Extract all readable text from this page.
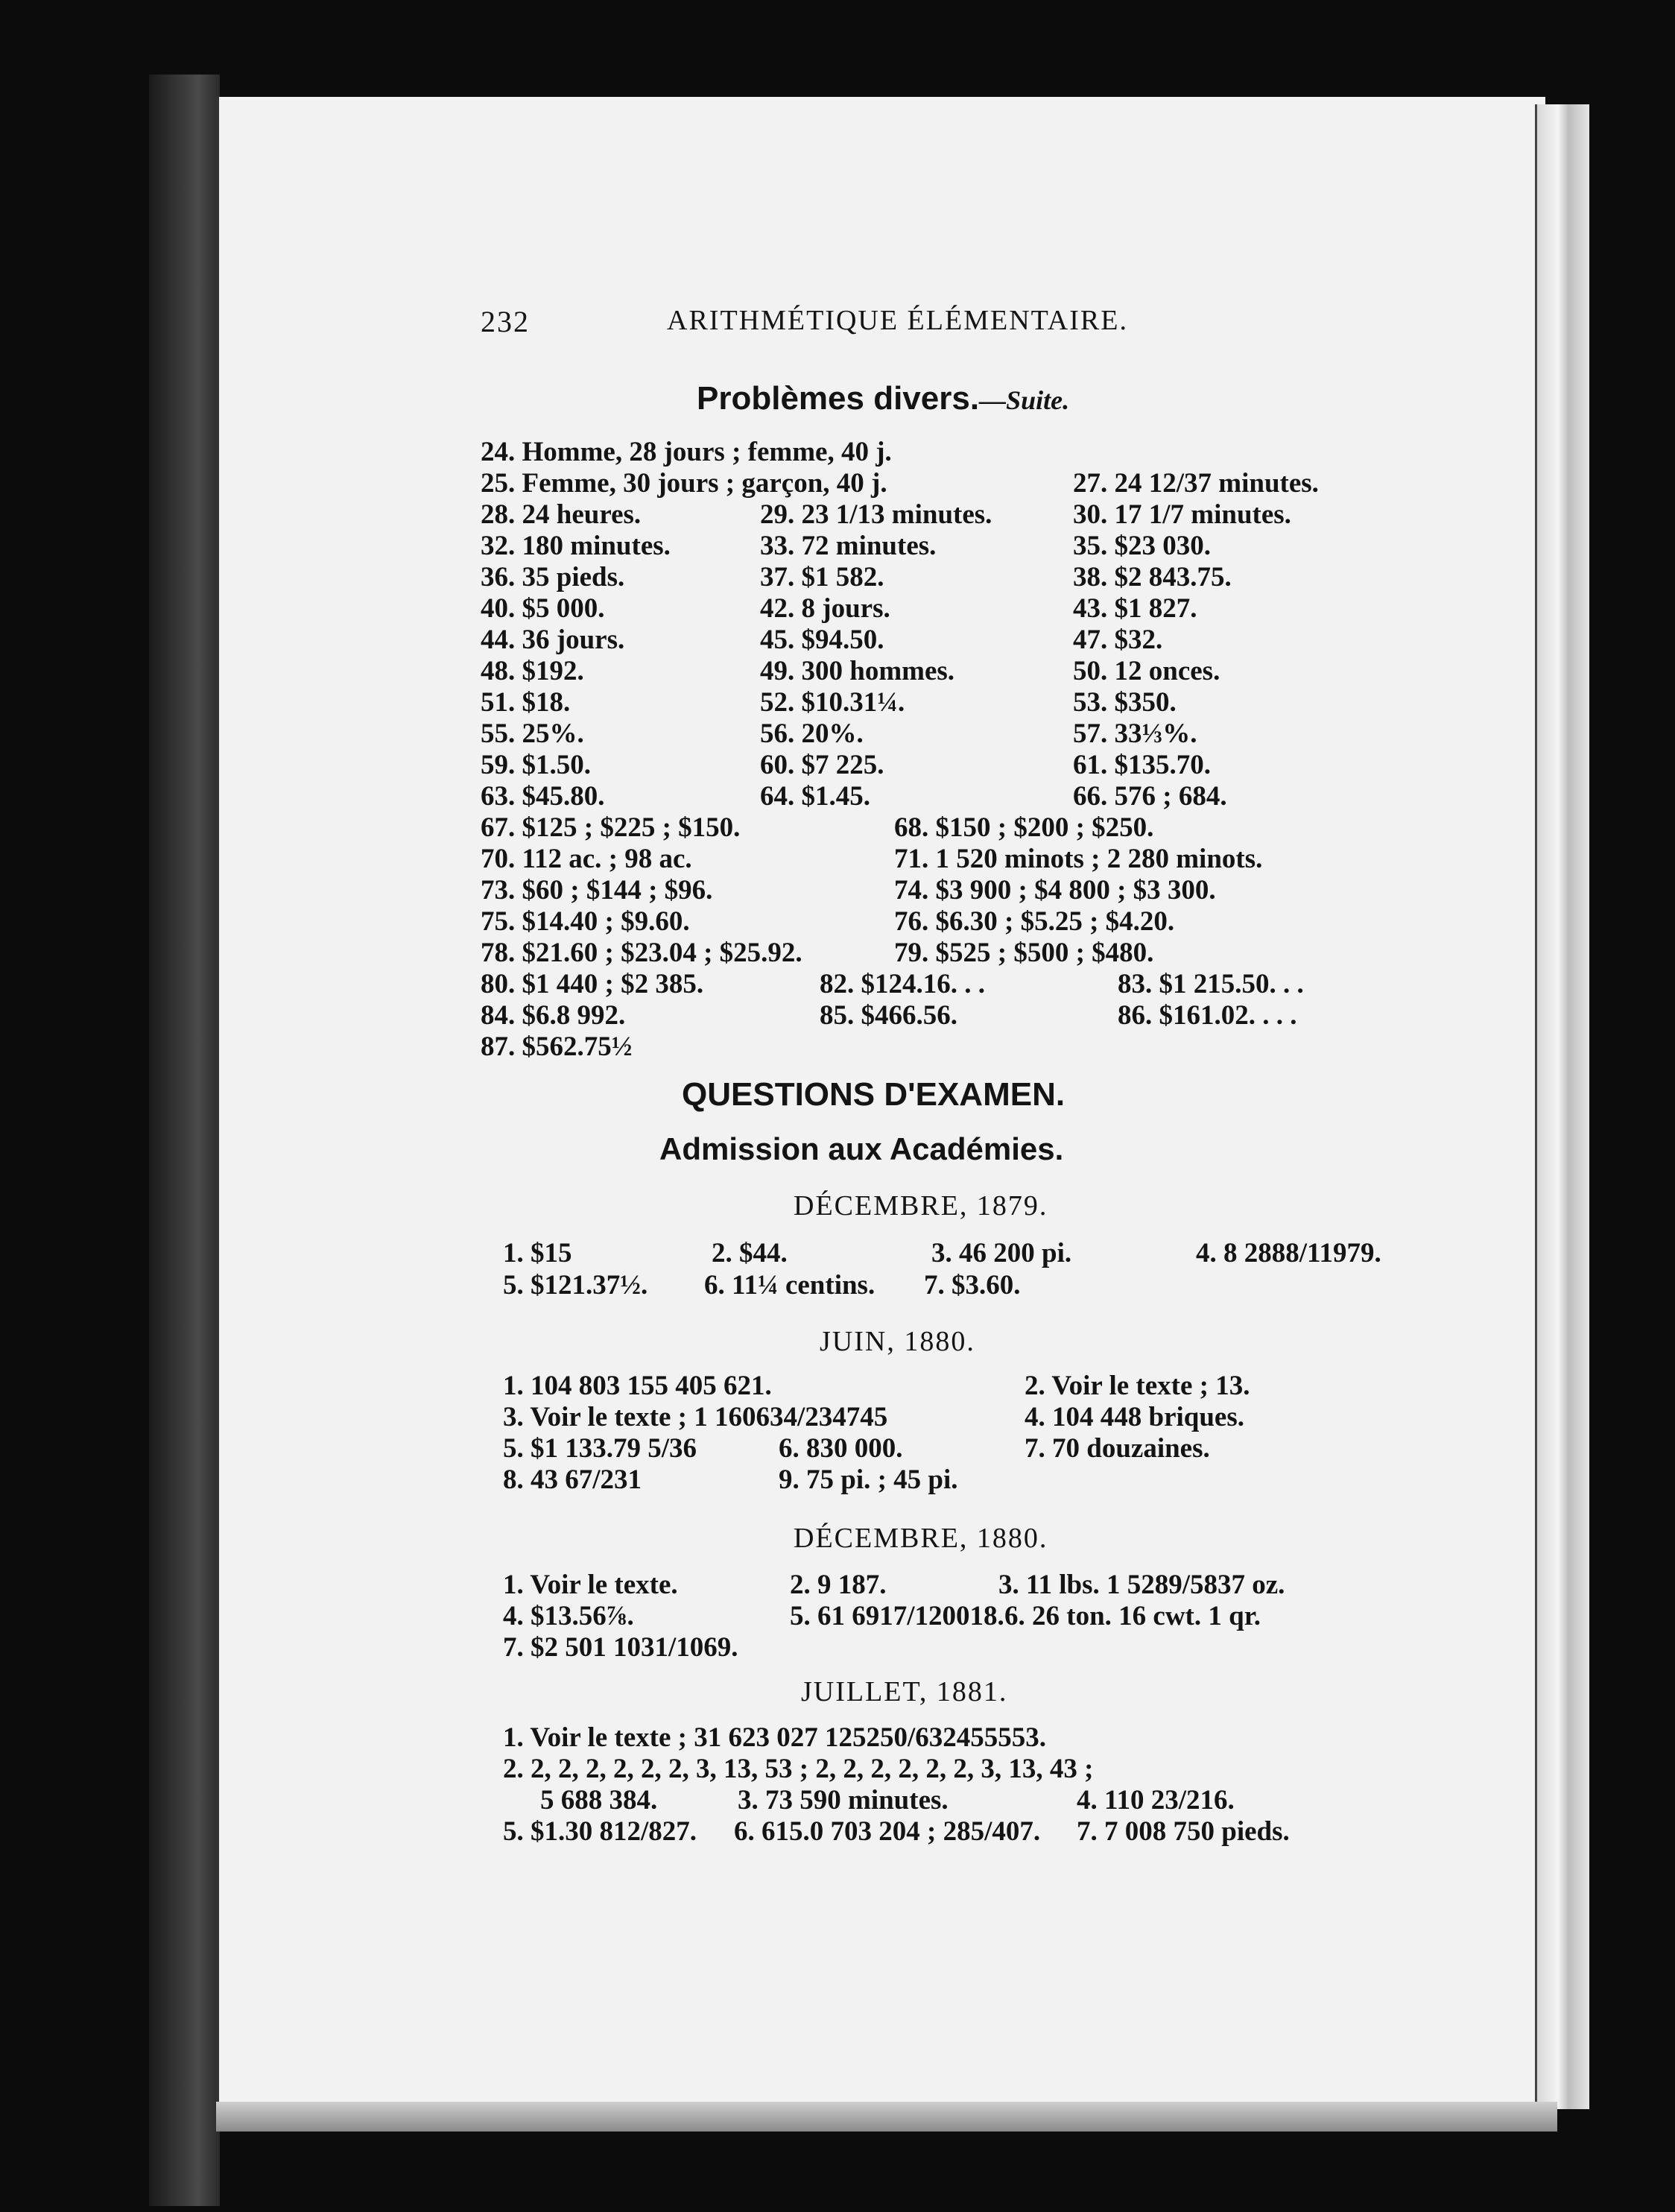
232	ARITHMÉTIQUE ÉLÉMENTAIRE.
Problèmes divers.—Suite.
24. Homme, 28 jours ; femme, 40 j.
25. Femme, 30 jours ; garçon, 40 j.	27. 24 12/37 minutes.
28. 24 heures.	29. 23 1/13 minutes.	30. 17 1/7 minutes.
32. 180 minutes.	33. 72 minutes.	35. $23 030.
36. 35 pieds.	37. $1 582.	38. $2 843.75.
40. $5 000.	42. 8 jours.	43. $1 827.
44. 36 jours.	45. $94.50.	47. $32.
48. $192.	49. 300 hommes.	50. 12 onces.
51. $18.	52. $10.31¼.	53. $350.
55. 25%.	56. 20%.	57. 33⅓%.
59. $1.50.	60. $7 225.	61. $135.70.
63. $45.80.	64. $1.45.	66. 576 ; 684.
67. $125 ; $225 ; $150.	68. $150 ; $200 ; $250.
70. 112 ac. ; 98 ac.	71. 1 520 minots ; 2 280 minots.
73. $60 ; $144 ; $96.	74. $3 900 ; $4 800 ; $3 300.
75. $14.40 ; $9.60.	76. $6.30 ; $5.25 ; $4.20.
78. $21.60 ; $23.04 ; $25.92.	79. $525 ; $500 ; $480.
80. $1 440 ; $2 385.	82. $124.16. . .	83. $1 215.50. . .
84. $6.8 992.	85. $466.56.	86. $161.02. . . .
87. $562.75½
QUESTIONS D'EXAMEN.
Admission aux Académies.
DÉCEMBRE, 1879.
1. $15	2. $44.	3. 46 200 pi.	4. 8 2888/11979.
5. $121.37½. 6. 11¼ centins. 7. $3.60.
JUIN, 1880.
1. 104 803 155 405 621.	2. Voir le texte ; 13.
3. Voir le texte ; 1 160634/234745	4. 104 448 briques.
5. $1 133.79 5/36	6. 830 000.	7. 70 douzaines.
8. 43 67/231	9. 75 pi. ; 45 pi.
DÉCEMBRE, 1880.
1. Voir le texte.	2. 9 187.	3. 11 lbs. 1 5289/5837 oz.
4. $13.56⅞.	5. 61 6917/120018. 6. 26 ton. 16 cwt. 1 qr.
7. $2 501 1031/1069.
JUILLET, 1881.
1. Voir le texte ; 31 623 027 125250/632455553.
2. 2, 2, 2, 2, 2, 2, 3, 13, 53 ; 2, 2, 2, 2, 2, 2, 3, 13, 43 ;
5 688 384.	3. 73 590 minutes.	4. 110 23/216.
5. $1.30 812/827. 6. 615.0 703 204 ; 285/407. 7. 7 008 750 pieds.
